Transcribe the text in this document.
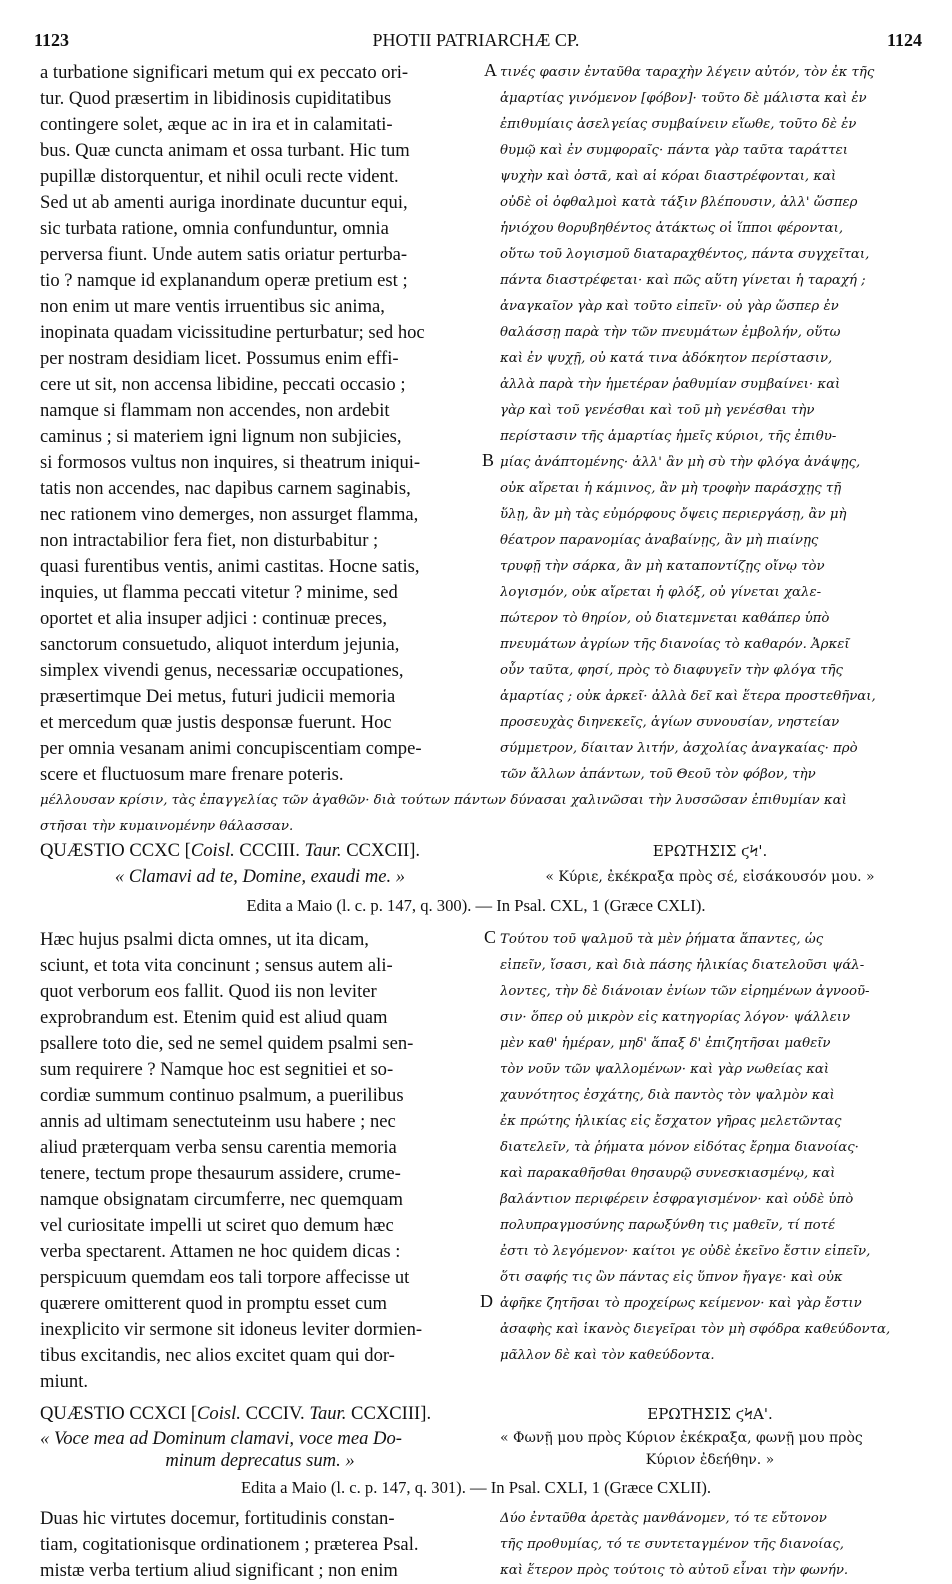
1123	PHOTII PATRIARCHÆ CP.	1124
a turbatione significari metum qui ex peccato ori-
tur. Quod præsertim in libidinosis cupiditatibus
contingere solet, æque ac in ira et in calamitati-
bus. Quæ cuncta animam et ossa turbant. Hic tum
pupillæ distorquentur, et nihil oculi recte vident.
Sed ut ab amenti auriga inordinate ducuntur equi,
sic turbata ratione, omnia confunduntur, omnia
perversa fiunt. Unde autem satis oriatur perturba-
tio ? namque id explanandum operæ pretium est ;
non enim ut mare ventis irruentibus sic anima,
inopinata quadam vicissitudine perturbatur; sed hoc
per nostram desidiam licet. Possumus enim effi-
cere ut sit, non accensa libidine, peccati occasio ;
namque si flammam non accendes, non ardebit
caminus ; si materiem igni lignum non subjicies,
si formosos vultus non inquires, si theatrum iniqui-
tatis non accendes, nac dapibus carnem saginabis,
nec rationem vino demerges, non assurget flamma,
non intractabilior fera fiet, non disturbabitur ;
quasi furentibus ventis, animi castitas. Hocne satis,
inquies, ut flamma peccati vitetur ? minime, sed
oportet et alia insuper adjici : continuæ preces,
sanctorum consuetudo, aliquot interdum jejunia,
simplex vivendi genus, necessariæ occupationes,
præsertimque Dei metus, futuri judicii memoria
et mercedum quæ justis desponsæ fuerunt. Hoc
per omnia vesanam animi concupiscentiam compe-
scere et fluctuosum mare frenare poteris.
A
B
τινές φασιν ἐνταῦθα ταραχὴν λέγειν αὐτόν, τὸν ἐκ τῆς
ἁμαρτίας γινόμενον [φόβον]· τοῦτο δὲ μάλιστα καὶ ἐν
ἐπιθυμίαις ἀσελγείας συμβαίνειν εἴωθε, τοῦτο δὲ ἐν
θυμῷ καὶ ἐν συμφοραῖς· πάντα γὰρ ταῦτα ταράττει
ψυχὴν καὶ ὀστᾶ, καὶ αἱ κόραι διαστρέφονται, καὶ
οὐδὲ οἱ ὀφθαλμοὶ κατὰ τάξιν βλέπουσιν, ἀλλ' ὥσπερ
ἡνιόχου θορυβηθέντος ἀτάκτως οἱ ἵπποι φέρονται,
οὕτω τοῦ λογισμοῦ διαταραχθέντος, πάντα συγχεῖται,
πάντα διαστρέφεται· καὶ πῶς αὕτη γίνεται ἡ ταραχή ;
ἀναγκαῖον γὰρ καὶ τοῦτο εἰπεῖν· οὐ γὰρ ὥσπερ ἐν
θαλάσσῃ παρὰ τὴν τῶν πνευμάτων ἐμβολήν, οὕτω
καὶ ἐν ψυχῇ, οὐ κατά τινα ἀδόκητον περίστασιν,
ἀλλὰ παρὰ τὴν ἡμετέραν ῥαθυμίαν συμβαίνει· καὶ
γὰρ καὶ τοῦ γενέσθαι καὶ τοῦ μὴ γενέσθαι τὴν
περίστασιν τῆς ἁμαρτίας ἡμεῖς κύριοι, τῆς ἐπιθυ-
μίας ἀνάπτομένης· ἀλλ' ἂν μὴ σὺ τὴν φλόγα ἀνάψῃς,
οὐκ αἴρεται ἡ κάμινος, ἂν μὴ τροφὴν παράσχῃς τῇ
ὕλῃ, ἂν μὴ τὰς εὐμόρφους ὄψεις περιεργάσῃ, ἂν μὴ
θέατρον παρανομίας ἀναβαίνῃς, ἂν μὴ πιαίνῃς
τρυφῇ τὴν σάρκα, ἂν μὴ καταποντίζῃς οἴνῳ τὸν
λογισμόν, οὐκ αἴρεται ἡ φλόξ, οὐ γίνεται χαλε-
πώτερον τὸ θηρίον, οὐ διατεμνεται καθάπερ ὑπὸ
πνευμάτων ἀγρίων τῆς διανοίας τὸ καθαρόν. Ἀρκεῖ
οὖν ταῦτα, φησί, πρὸς τὸ διαφυγεῖν τὴν φλόγα τῆς
ἁμαρτίας ; οὐκ ἀρκεῖ· ἀλλὰ δεῖ καὶ ἕτερα προστεθῆναι,
προσευχὰς διηνεκεῖς, ἁγίων συνουσίαν, νηστείαν
σύμμετρον, δίαιταν λιτήν, ἀσχολίας ἀναγκαίας· πρὸ
τῶν ἄλλων ἁπάντων, τοῦ Θεοῦ τὸν φόβον, τὴν
μέλλουσαν κρίσιν, τὰς ἐπαγγελίας τῶν ἀγαθῶν· διὰ τούτων πάντων δύνασαι χαλινῶσαι τὴν λυσσῶσαν ἐπιθυμίαν καὶ
στῆσαι τὴν κυμαινομένην θάλασσαν.
QUÆSTIO CCXC [Coisl. CCCIII. Taur. CCXCII].
« Clamavi ad te, Domine, exaudi me. »
ΕΡΩΤΗΣΙΣ ϛϞ'.
« Κύριε, ἐκέκραξα πρὸς σέ, εἰσάκουσόν μου. »
Edita a Maio (l. c. p. 147, q. 300). — In Psal. CXL, 1 (Græce CXLI).
Hæc hujus psalmi dicta omnes, ut ita dicam,
sciunt, et tota vita concinunt ; sensus autem ali-
quot verborum eos fallit. Quod iis non leviter
exprobrandum est. Etenim quid est aliud quam
psallere toto die, sed ne semel quidem psalmi sen-
sum requirere ? Namque hoc est segnitiei et so-
cordiæ summum continuo psalmum, a puerilibus
annis ad ultimam senectuteinm usu habere ; nec
aliud præterquam verba sensu carentia memoria
tenere, tectum prope thesaurum assidere, crume-
namque obsignatam circumferre, nec quemquam
vel curiositate impelli ut sciret quo demum hæc
verba spectarent. Attamen ne hoc quidem dicas :
perspicuum quemdam eos tali torpore affecisse ut
quærere omitterent quod in promptu esset cum
inexplicito vir sermone sit idoneus leviter dormien-
tibus excitandis, nec alios excitet quam qui dor-
miunt.
C
D
Τούτου τοῦ ψαλμοῦ τὰ μὲν ῥήματα ἅπαντες, ὡς
εἰπεῖν, ἴσασι, καὶ διὰ πάσης ἡλικίας διατελοῦσι ψάλ-
λοντες, τὴν δὲ διάνοιαν ἐνίων τῶν εἰρημένων ἀγνοοῦ-
σιν· ὅπερ οὐ μικρὸν εἰς κατηγορίας λόγον· ψάλλειν
μὲν καθ' ἡμέραν, μηδ' ἅπαξ δ' ἐπιζητῆσαι μαθεῖν
τὸν νοῦν τῶν ψαλλομένων· καὶ γὰρ νωθείας καὶ
χαυνότητος ἐσχάτης, διὰ παντὸς τὸν ψαλμὸν καὶ
ἐκ πρώτης ἡλικίας εἰς ἔσχατον γῆρας μελετῶντας
διατελεῖν, τὰ ῥήματα μόνον εἰδότας ἔρημα διανοίας·
καὶ παρακαθῆσθαι θησαυρῷ συνεσκιασμένῳ, καὶ
βαλάντιον περιφέρειν ἐσφραγισμένον· καὶ οὐδὲ ὑπὸ
πολυπραγμοσύνης παρωξύνθη τις μαθεῖν, τί ποτέ
ἐστι τὸ λεγόμενον· καίτοι γε οὐδὲ ἐκεῖνο ἔστιν εἰπεῖν,
ὅτι σαφής τις ὢν πάντας εἰς ὕπνον ἤγαγε· καὶ οὐκ
ἀφῆκε ζητῆσαι τὸ προχείρως κείμενον· καὶ γὰρ ἔστιν
ἀσαφὴς καὶ ἱκανὸς διεγεῖραι τὸν μὴ σφόδρα καθεύδοντα,
μᾶλλον δὲ καὶ τὸν καθεύδοντα.
QUÆSTIO CCXCI [Coisl. CCCIV. Taur. CCXCIII].
« Voce mea ad Dominum clamavi, voce mea Do-
minum deprecatus sum. »
ΕΡΩΤΗΣΙΣ ϛϞΑ'.
« Φωνῇ μου πρὸς Κύριον ἐκέκραξα, φωνῇ μου πρὸς
Κύριον ἐδεήθην. »
Edita a Maio (l. c. p. 147, q. 301). — In Psal. CXLI, 1 (Græce CXLII).
Duas hic virtutes docemur, fortitudinis constan-
tiam, cogitationisque ordinationem ; præterea Psal.
mistæ verba tertium aliud significant ; non enim
Δύο ἐνταῦθα ἀρετὰς μανθάνομεν, τό τε εὔτονον
τῆς προθυμίας, τό τε συντεταγμένον τῆς διανοίας,
καὶ ἕτερον πρὸς τούτοις τὸ αὐτοῦ εἶναι τὴν φωνήν.
